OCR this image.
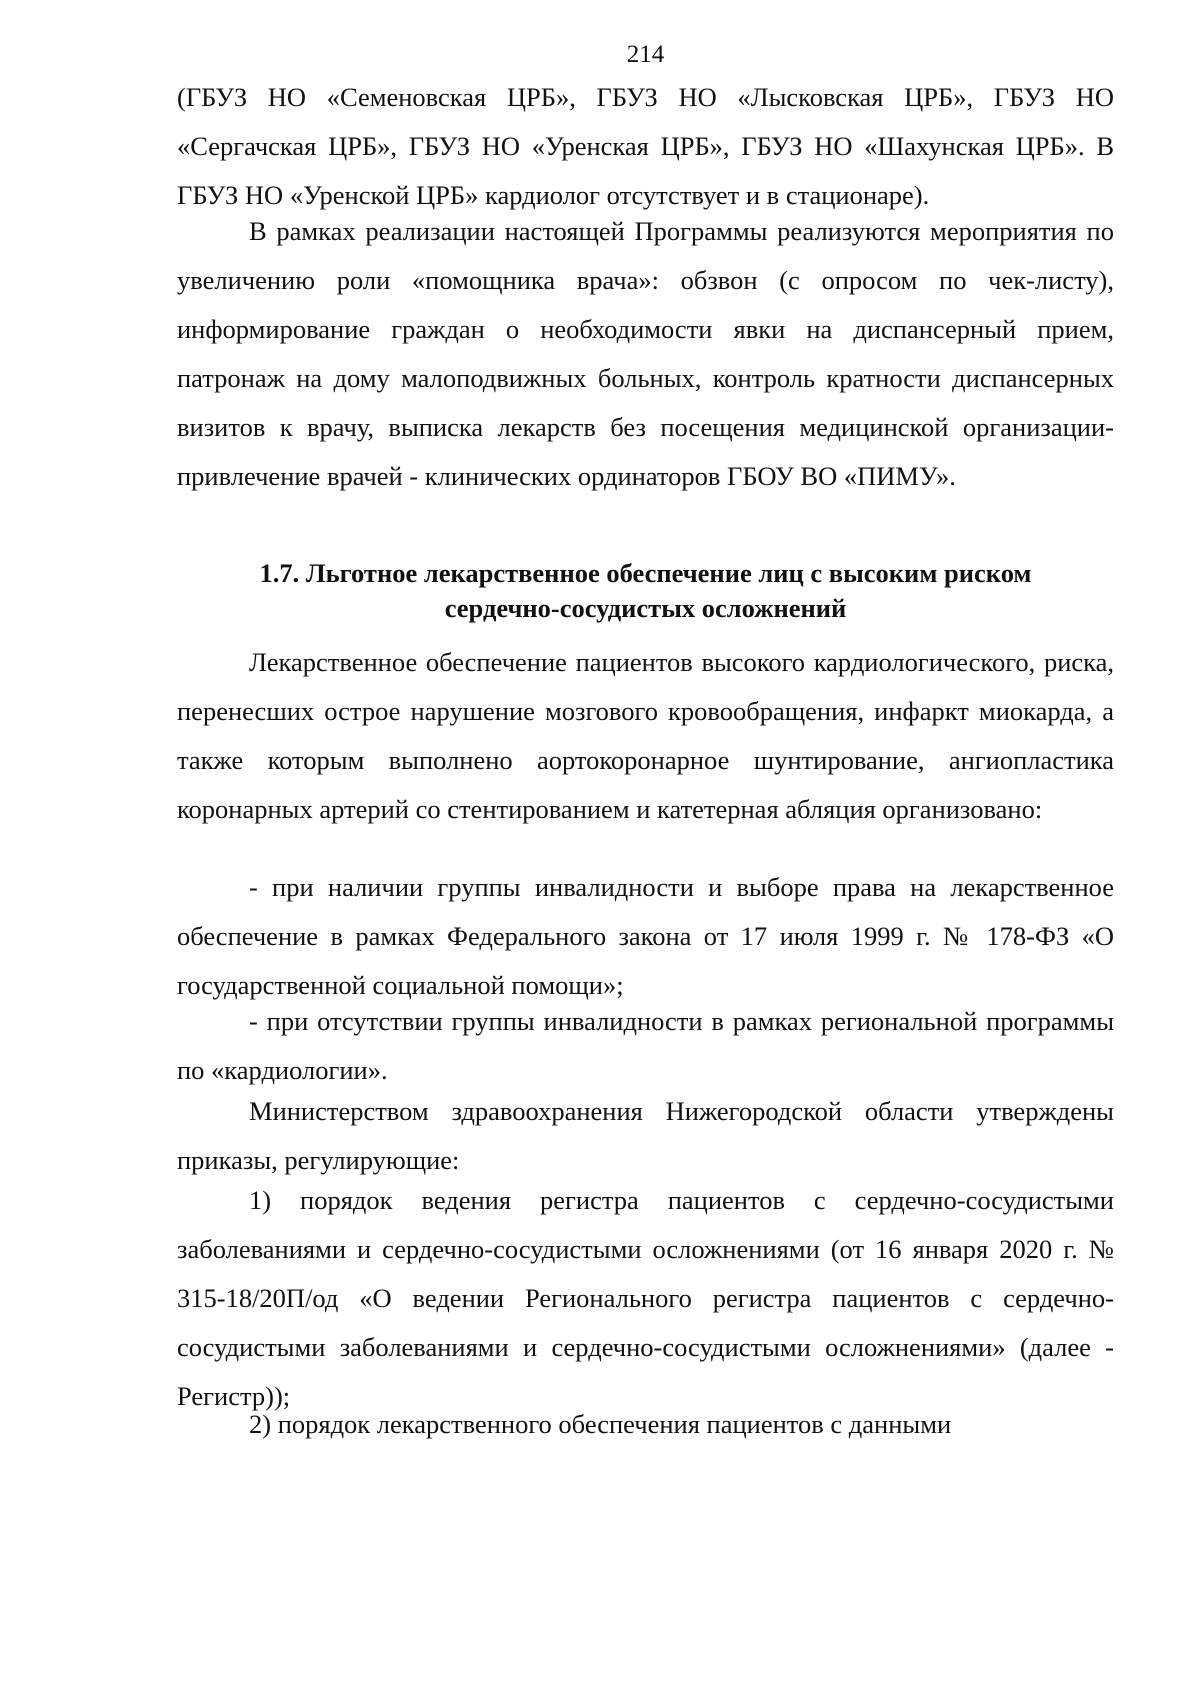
214

(ГБУЗ НО «Семеновская ЦРБ», ГБУЗ НО «Лысковская ЦРБ», ГБУЗ НО «Сергачская ЦРБ», ГБУЗ НО «Уренская ЦРБ», ГБУЗ НО «Шахунская ЦРБ». В ГБУЗ НО «Уренской ЦРБ» кардиолог отсутствует и в стационаре).

В рамках реализации настоящей Программы реализуются мероприятия по увеличению роли «помощника врача»: обзвон (с опросом по чек-листу), информирование граждан о необходимости явки на диспансерный прием, патронаж на дому малоподвижных больных, контроль кратности диспансерных визитов к врачу, выписка лекарств без посещения медицинской организации-привлечение врачей - клинических ординаторов ГБОУ ВО «ПИМУ».

1.7. Льготное лекарственное обеспечение лиц с высоким риском
сердечно-сосудистых осложнений

Лекарственное обеспечение пациентов высокого кардиологического, риска, перенесших острое нарушение мозгового кровообращения, инфаркт миокарда, а также которым выполнено аортокоронарное шунтирование, ангиопластика коронарных артерий со стентированием и катетерная абляция организовано:

- при наличии группы инвалидности и выборе права на лекарственное обеспечение в рамках Федерального закона от 17 июля 1999 г. № 178-ФЗ «О государственной социальной помощи»;

- при отсутствии группы инвалидности в рамках региональной программы по «кардиологии».

Министерством здравоохранения Нижегородской области утверждены приказы, регулирующие:

1) порядок ведения регистра пациентов с сердечно-сосудистыми заболеваниями и сердечно-сосудистыми осложнениями (от 16 января 2020 г. № 315-18/20П/од «О ведении Регионального регистра пациентов с сердечно-сосудистыми заболеваниями и сердечно-сосудистыми осложнениями» (далее - Регистр));

2) порядок лекарственного обеспечения пациентов с данными
